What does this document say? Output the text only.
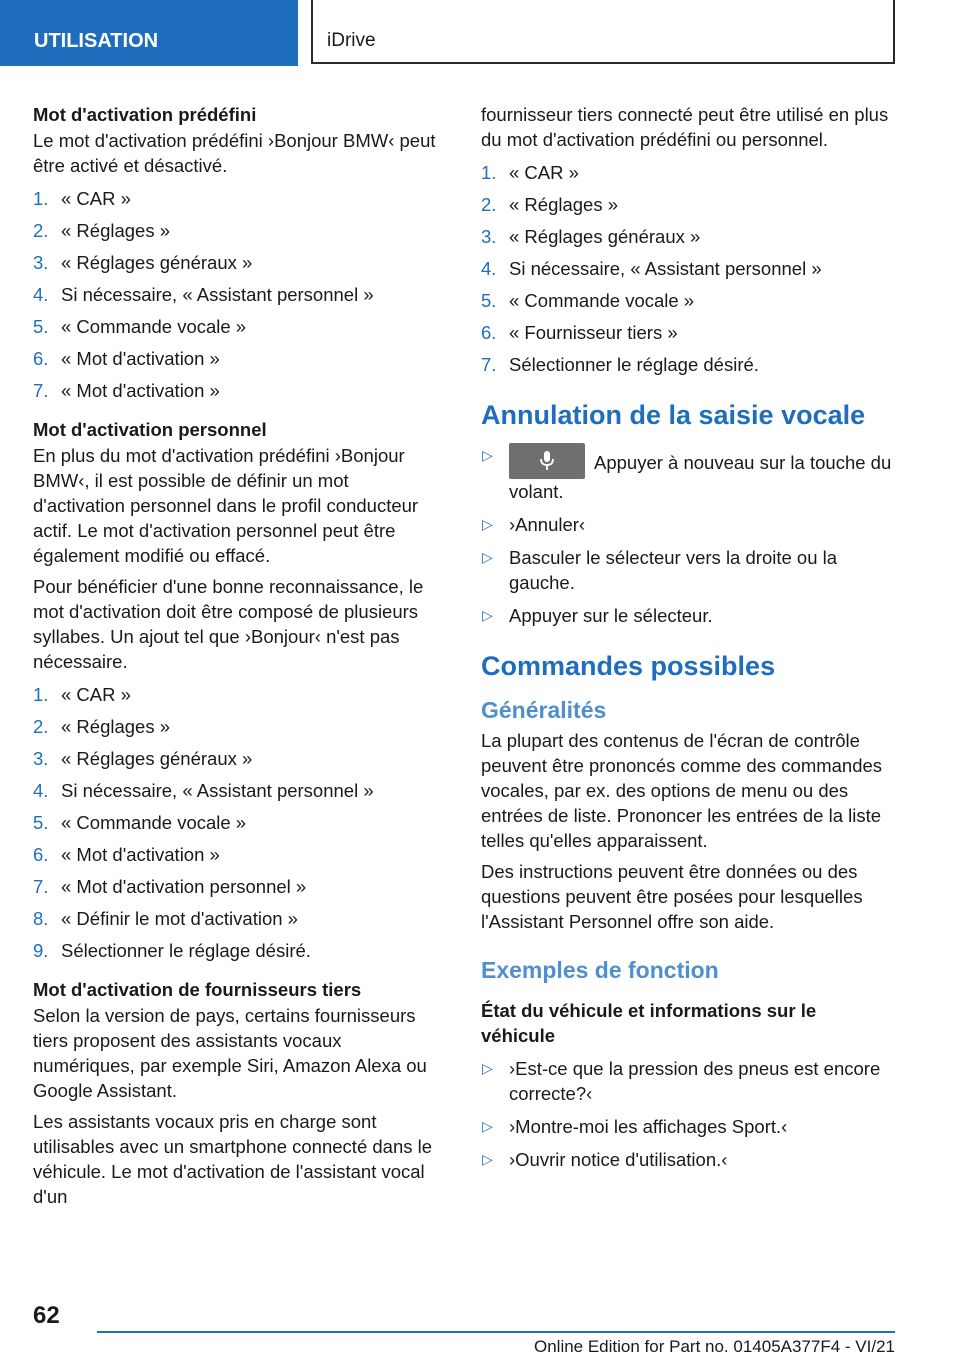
UTILISATION	iDrive

Mot d'activation prédéfini

Le mot d'activation prédéfini ›Bonjour BMW‹ peut être activé et désactivé.

1. « CAR »
2. « Réglages »
3. « Réglages généraux »
4. Si nécessaire, « Assistant personnel »
5. « Commande vocale »
6. « Mot d'activation »
7. « Mot d'activation »

Mot d'activation personnel

En plus du mot d'activation prédéfini ›Bonjour BMW‹, il est possible de définir un mot d'activation personnel dans le profil conducteur actif. Le mot d'activation personnel peut être également modifié ou effacé.

Pour bénéficier d'une bonne reconnaissance, le mot d'activation doit être composé de plusieurs syllabes. Un ajout tel que ›Bonjour‹ n'est pas nécessaire.

1. « CAR »
2. « Réglages »
3. « Réglages généraux »
4. Si nécessaire, « Assistant personnel »
5. « Commande vocale »
6. « Mot d'activation »
7. « Mot d'activation personnel »
8. « Définir le mot d'activation »
9. Sélectionner le réglage désiré.

Mot d'activation de fournisseurs tiers

Selon la version de pays, certains fournisseurs tiers proposent des assistants vocaux numériques, par exemple Siri, Amazon Alexa ou Google Assistant.

Les assistants vocaux pris en charge sont utilisables avec un smartphone connecté dans le véhicule. Le mot d'activation de l'assistant vocal d'un

fournisseur tiers connecté peut être utilisé en plus du mot d'activation prédéfini ou personnel.

1. « CAR »
2. « Réglages »
3. « Réglages généraux »
4. Si nécessaire, « Assistant personnel »
5. « Commande vocale »
6. « Fournisseur tiers »
7. Sélectionner le réglage désiré.
Annulation de la saisie vocale
▷	Appuyer à nouveau sur la touche du volant.
▷ ›Annuler‹
▷ Basculer le sélecteur vers la droite ou la gauche.
▷ Appuyer sur le sélecteur.
Commandes possibles
Généralités

La plupart des contenus de l'écran de contrôle peuvent être prononcés comme des commandes vocales, par ex. des options de menu ou des entrées de liste. Prononcer les entrées de la liste telles qu'elles apparaissent.

Des instructions peuvent être données ou des questions peuvent être posées pour lesquelles l'Assistant Personnel offre son aide.

Exemples de fonction

État du véhicule et informations sur le véhicule

▷ ›Est-ce que la pression des pneus est encore correcte?‹
▷ ›Montre-moi les affichages Sport.‹
▷ ›Ouvrir notice d'utilisation.‹
62
Online Edition for Part no. 01405A377F4 - VI/21
